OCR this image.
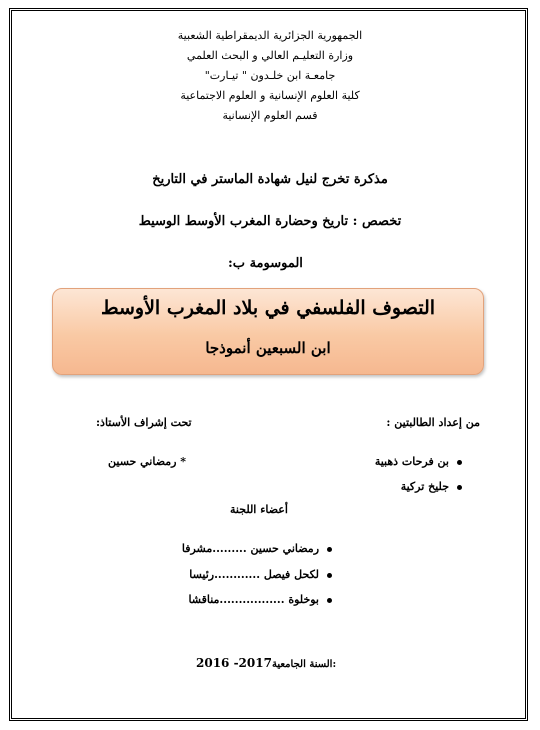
الجمهورية الجزائرية الديمقراطية الشعبية
وزارة التعليـم العالي و البحث العلمي
جامعـة ابن خلـدون " تيـارت"
كلية العلوم الإنسانية و العلوم الاجتماعية
قسم العلوم الإنسانية
مذكرة تخرج لنيل شهادة الماستر في التاريخ
تخصص : تاريخ وحضارة المغرب الأوسط الوسيط
الموسومة ب:
التصوف الفلسفي في بلاد المغرب الأوسط
ابن السبعين أنموذجا
من إعداد الطالبتين :
تحت إشراف الأستاذ:
بن فرحات ذهبية
جليخ تركية
* رمضاني حسين
أعضاء اللجنة
رمضاني حسين .........مشرفا
لكحل فيصل ............رئيسا
بوخلوة .................مناقشا
2016 -2017السنة الجامعية:
